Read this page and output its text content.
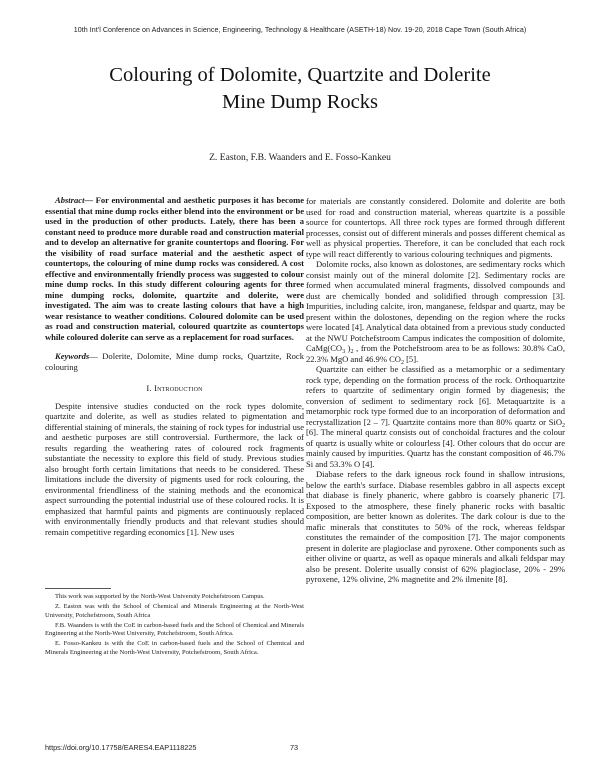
10th Int'l Conference on Advances in Science, Engineering, Technology & Healthcare (ASETH-18) Nov. 19-20, 2018 Cape Town (South Africa)
Colouring of Dolomite, Quartzite and Dolerite
Mine Dump Rocks
Z. Easton, F.B. Waanders and E. Fosso-Kankeu

Abstract— For environmental and aesthetic purposes it has become essential that mine dump rocks either blend into the environment or be used in the production of other products. Lately, there has been a constant need to produce more durable road and construction material and to develop an alternative for granite countertops and flooring. For the visibility of road surface material and the aesthetic aspect of countertops, the colouring of mine dump rocks was considered. A cost effective and environmentally friendly process was suggested to colour mine dump rocks. In this study different colouring agents for three mine dumping rocks, dolomite, quartzite and dolerite, were investigated. The aim was to create lasting colours that have a high wear resistance to weather conditions. Coloured dolomite can be used as road and construction material, coloured quartzite as countertops while coloured dolerite can serve as a replacement for road surfaces.

Keywords— Dolerite, Dolomite, Mine dump rocks, Quartzite, Rock colouring

I. Introduction

Despite intensive studies conducted on the rock types dolomite, quartzite and dolerite, as well as studies related to pigmentation and differential staining of minerals, the staining of rock types for industrial use and aesthetic purposes are still controversial. Furthermore, the lack of results regarding the weathering rates of coloured rock fragments substantiate the necessity to explore this field of study. Previous studies also brought forth certain limitations that needs to be considered. These limitations include the diversity of pigments used for rock colouring, the environmental friendliness of the staining methods and the economical aspect surrounding the potential industrial use of these coloured rocks. It is emphasized that harmful paints and pigments are continuously replaced with environmentally friendly products and that relevant studies should remain competitive regarding economics [1]. New uses

for materials are constantly considered. Dolomite and dolerite are both used for road and construction material, whereas quartzite is a possible source for countertops. All three rock types are formed through different processes, consist out of different minerals and posses different chemical as well as physical properties. Therefore, it can be concluded that each rock type will react differently to various colouring techniques and pigments.

Dolomite rocks, also known as dolostones, are sedimentary rocks which consist mainly out of the mineral dolomite [2]. Sedimentary rocks are formed when accumulated mineral fragments, dissolved compounds and dust are chemically bonded and solidified through compression [3]. Impurities, including calcite, iron, manganese, feldspar and quartz, may be present within the dolostones, depending on the region where the rocks were located [4]. Analytical data obtained from a previous study conducted at the NWU Potchefstroom Campus indicates the composition of dolomite, $CaMg(CO_3$ )$_2$ , from the Potchefstroom area to be as follows: 30.8% CaO, 22.3% MgO and 46.9% $CO_2$ [5].

Quartzite can either be classified as a metamorphic or a sedimentary rock type, depending on the formation process of the rock. Orthoquartzite refers to quartzite of sedimentary origin formed by diagenesis; the conversion of sediment to sedimentary rock [6]. Metaquartzite is a metamorphic rock type formed due to an incorporation of deformation and recrystallization [2 – 7]. Quartzite contains more than 80% quartz or SiO$_2$ [6]. The mineral quartz consists out of conchoidal fractures and the colour of quartz is usually white or colourless [4]. Other colours that do occur are mainly caused by impurities. Quartz has the constant composition of 46.7% Si and 53.3% O [4].

Diabase refers to the dark igneous rock found in shallow intrusions, below the earth's surface. Diabase resembles gabbro in all aspects except that diabase is finely phaneric, where gabbro is coarsely phaneric [7]. Exposed to the atmosphere, these finely phaneric rocks with basaltic composition, are better known as dolerites. The dark colour is due to the mafic minerals that constitutes to 50% of the rock, whereas feldspar constitutes the remainder of the composition [7]. The major components present in dolerite are plagioclase and pyroxene. Other components such as either olivine or quartz, as well as opaque minerals and alkali feldspar may also be present. Dolerite usually consist of 62% plagioclase, 20% - 29% pyroxene, 12% olivine, 2% magnetite and 2% ilmenite [8].

This work was supported by the North-West University Potchefstroom Campus.

Z. Easton was with the School of Chemical and Minerals Engineering at the North-West University, Potchefstroom, South Africa

F.B. Waanders is with the CoE in carbon-based fuels and the School of Chemical and Minerals Engineering at the North-West University, Potchefstroom, South Africa.

E. Fosso-Kankeu is with the CoE in carbon-based fuels and the School of Chemical and Minerals Engineering at the North-West University, Potchefstroom, South Africa.

https://doi.org/10.17758/EARES4.EAP1118225	73
